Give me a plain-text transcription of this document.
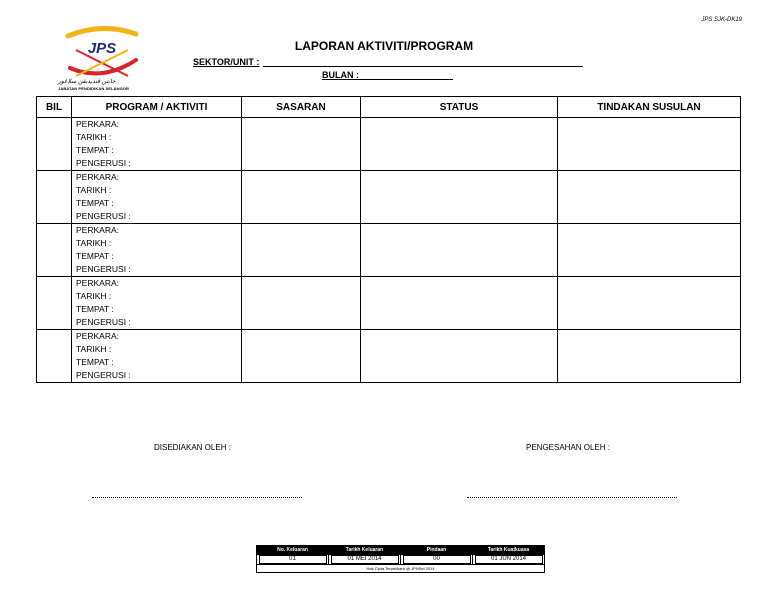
JPS SJK-DK19
JPS
جابتن ڤنديديقن سلاڠور
JABATAN PENDIDIKAN SELANGOR
LAPORAN AKTIVITI/PROGRAM
SEKTOR/UNIT :
BULAN :
BIL	PROGRAM / AKTIVITI	SASARAN	STATUS	TINDAKAN SUSULAN

	PERKARA:
TARIKH :
TEMPAT :
PENGERUSI :			

	PERKARA:
TARIKH :
TEMPAT :
PENGERUSI :			

	PERKARA:
TARIKH :
TEMPAT :
PENGERUSI :			

	PERKARA:
TARIKH :
TEMPAT :
PENGERUSI :			

	PERKARA:
TARIKH :
TEMPAT :
PENGERUSI :			

DISEDIAKAN OLEH :	PENGESAHAN OLEH :
No. Keluaran	Tarikh Keluaran	Pindaan	Tarikh Kuatkuasa
01	01 MEI 2014	00	01 JUN 2014
Hak Cipta Terpelihara @ JPNSel 2014			
